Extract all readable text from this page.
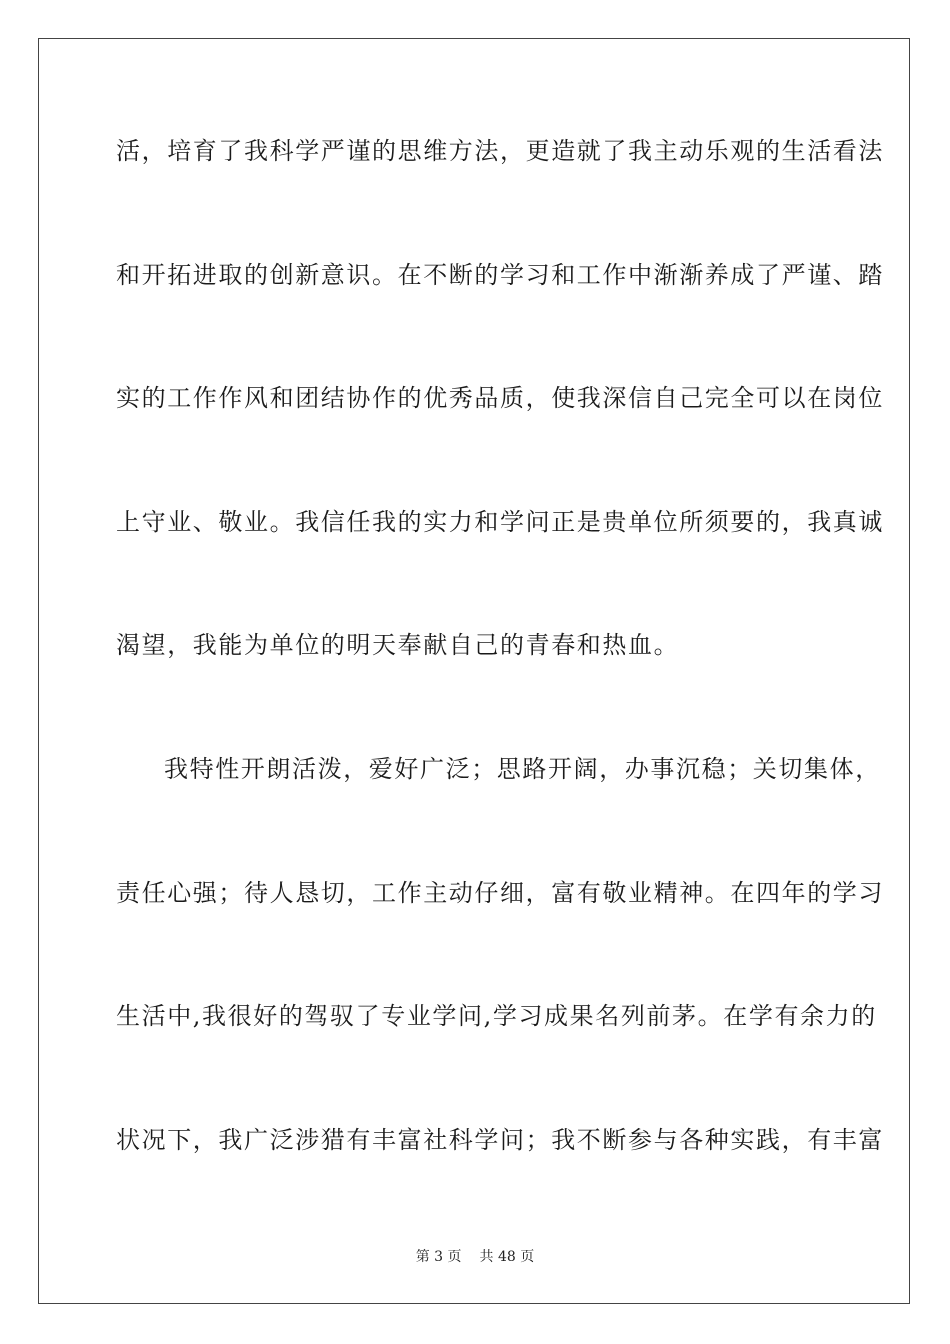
活，培育了我科学严谨的思维方法，更造就了我主动乐观的生活看法
和开拓进取的创新意识。在不断的学习和工作中渐渐养成了严谨、踏
实的工作作风和团结协作的优秀品质，使我深信自己完全可以在岗位
上守业、敬业。我信任我的实力和学问正是贵单位所须要的，我真诚
渴望，我能为单位的明天奉献自己的青春和热血。
我特性开朗活泼，爱好广泛；思路开阔，办事沉稳；关切集体，
责任心强；待人恳切，工作主动仔细，富有敬业精神。在四年的学习
生活中,我很好的驾驭了专业学问,学习成果名列前茅。在学有余力的
状况下，我广泛涉猎有丰富社科学问；我不断参与各种实践，有丰富
第 3 页 共 48 页
